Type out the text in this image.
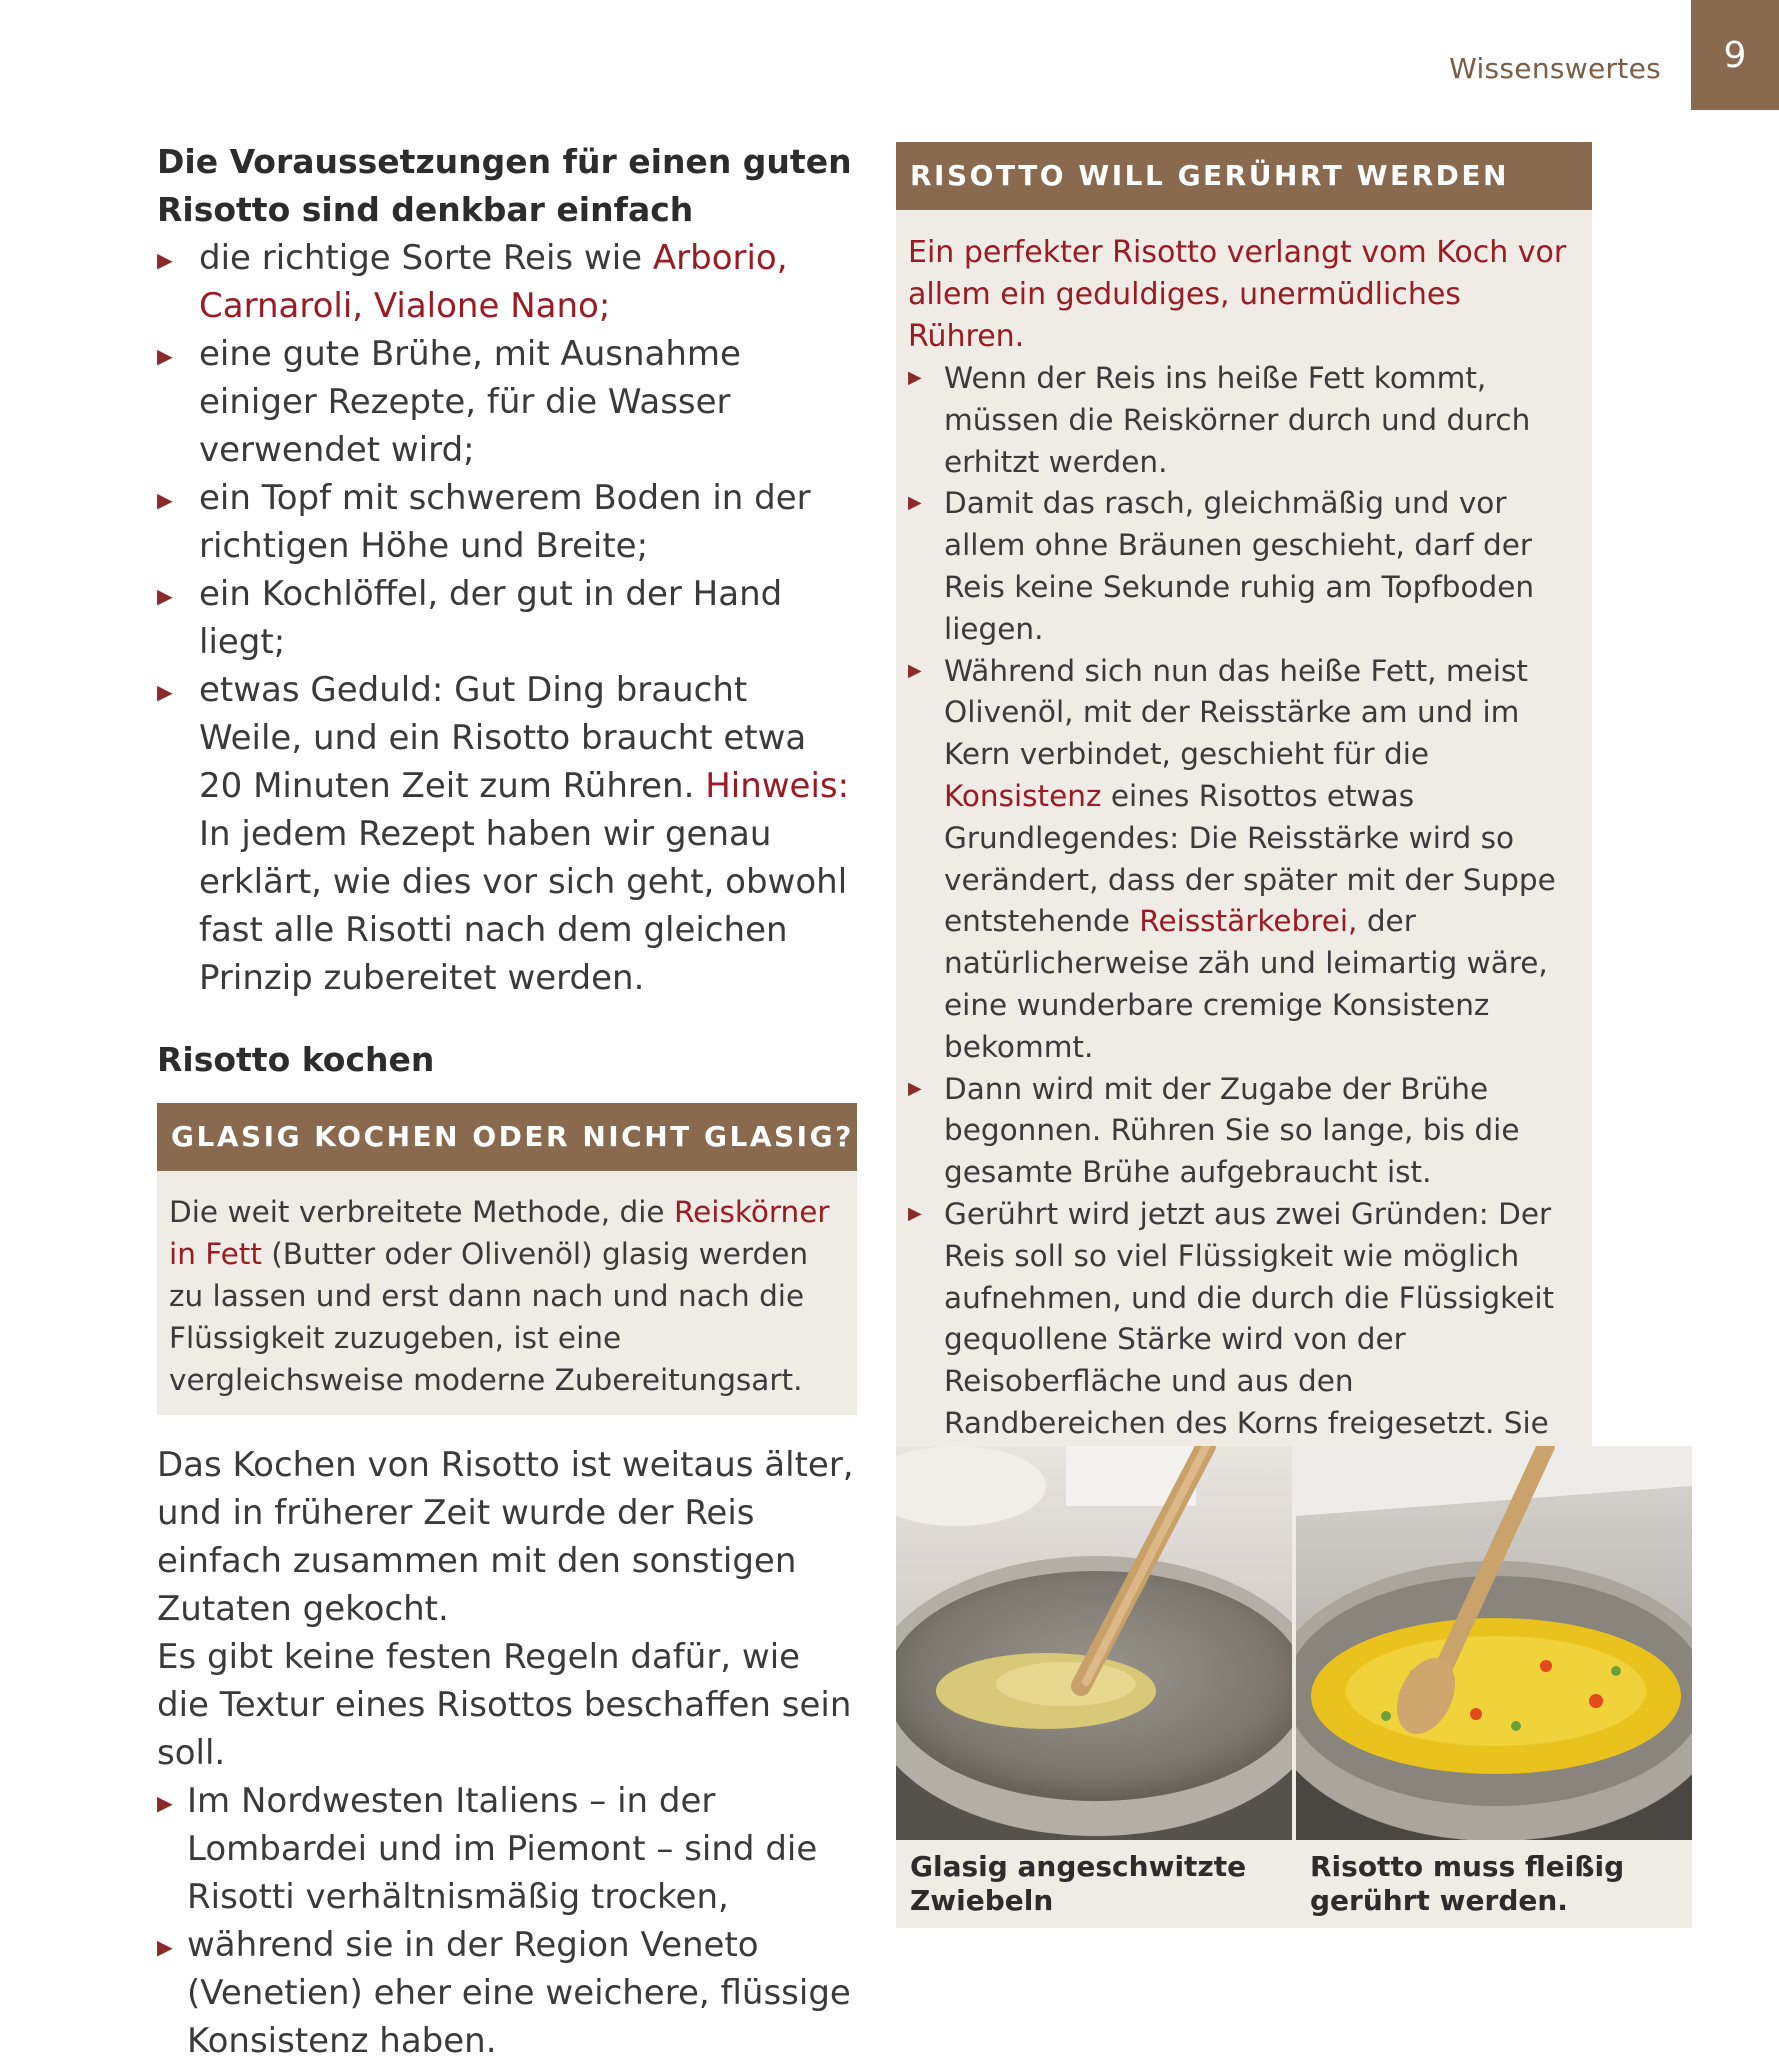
Wissenswertes	9

Die Voraussetzungen für einen guten Risotto sind denkbar einfach

▶ die richtige Sorte Reis wie Arborio, Carnaroli, Vialone Nano;
▶ eine gute Brühe, mit Ausnahme einiger Rezepte, für die Wasser verwendet wird;
▶ ein Topf mit schwerem Boden in der richtigen Höhe und Breite;
▶ ein Kochlöffel, der gut in der Hand liegt;
▶ etwas Geduld: Gut Ding braucht Weile, und ein Risotto braucht etwa 20 Minuten Zeit zum Rühren. Hinweis: In jedem Rezept haben wir genau erklärt, wie dies vor sich geht, obwohl fast alle Risotti nach dem gleichen Prinzip zubereitet werden.
Risotto kochen
GLASIG KOCHEN ODER NICHT GLASIG?
Die weit verbreitete Methode, die Reiskörner in Fett (Butter oder Olivenöl) glasig werden zu lassen und erst dann nach und nach die Flüssigkeit zuzugeben, ist eine vergleichsweise moderne Zubereitungsart.
Das Kochen von Risotto ist weitaus älter, und in früherer Zeit wurde der Reis einfach zusammen mit den sonstigen Zutaten gekocht.
Es gibt keine festen Regeln dafür, wie die Textur eines Risottos beschaffen sein soll.
▶ Im Nordwesten Italiens – in der Lombardei und im Piemont – sind die Risotti verhältnismäßig trocken,
▶ während sie in der Region Veneto (Venetien) eher eine weichere, flüssige Konsistenz haben.
RISOTTO WILL GERÜHRT WERDEN
Ein perfekter Risotto verlangt vom Koch vor allem ein geduldiges, unermüdliches Rühren.
▶ Wenn der Reis ins heiße Fett kommt, müssen die Reiskörner durch und durch erhitzt werden.
▶ Damit das rasch, gleichmäßig und vor allem ohne Bräunen geschieht, darf der Reis keine Sekunde ruhig am Topfboden liegen.
▶ Während sich nun das heiße Fett, meist Olivenöl, mit der Reisstärke am und im Kern verbindet, geschieht für die Konsistenz eines Risottos etwas Grundlegendes: Die Reisstärke wird so verändert, dass der später mit der Suppe entstehende Reisstärkebrei, der natürlicherweise zäh und leimartig wäre, eine wunderbare cremige Konsistenz bekommt.
▶ Dann wird mit der Zugabe der Brühe begonnen. Rühren Sie so lange, bis die gesamte Brühe aufgebraucht ist.
▶ Gerührt wird jetzt aus zwei Gründen: Der Reis soll so viel Flüssigkeit wie möglich aufnehmen, und die durch die Flüssigkeit gequollene Stärke wird von der Reisoberfläche und aus den Randbereichen des Korns freigesetzt. Sie
Glasig angeschwitzte Zwiebeln
Risotto muss fleißig gerührt werden.
